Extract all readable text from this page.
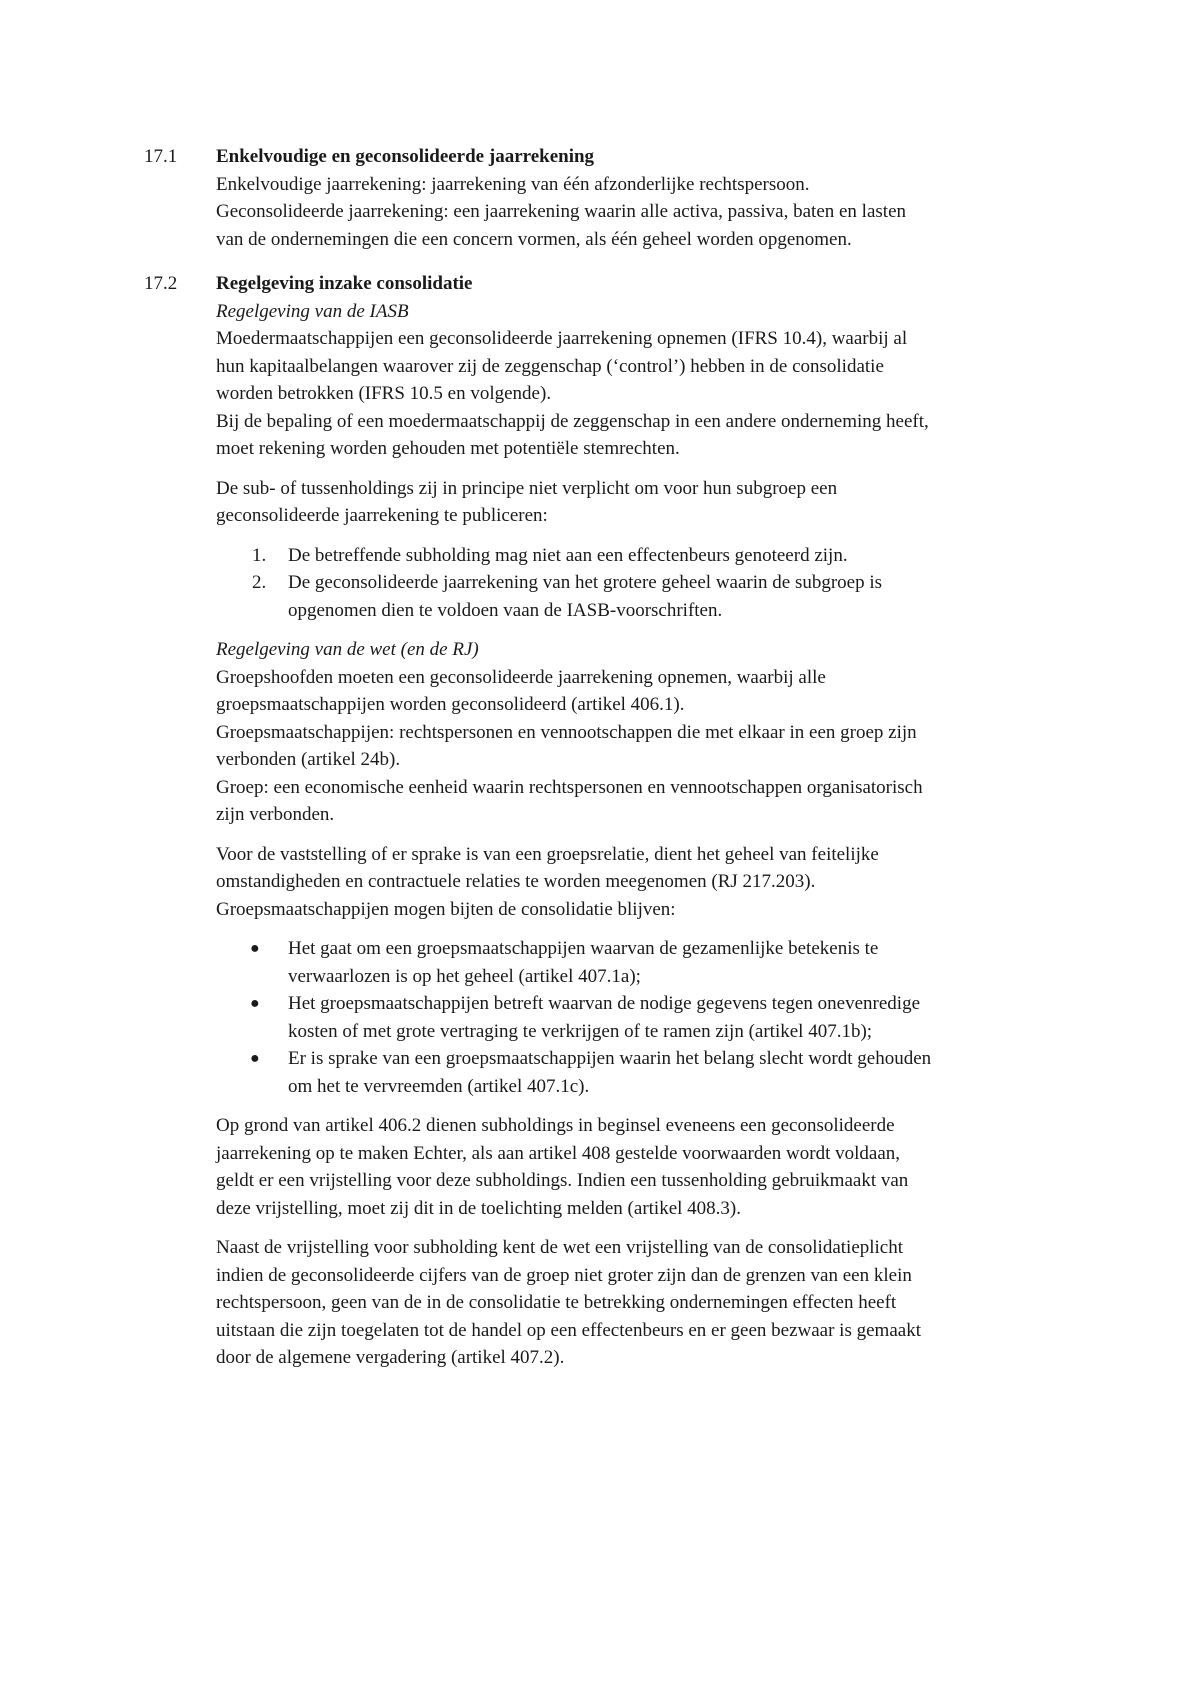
17.1	Enkelvoudige en geconsolideerde jaarrekening
Enkelvoudige jaarrekening: jaarrekening van één afzonderlijke rechtspersoon.
Geconsolideerde jaarrekening: een jaarrekening waarin alle activa, passiva, baten en lasten
van de ondernemingen die een concern vormen, als één geheel worden opgenomen.
17.2	Regelgeving inzake consolidatie
Regelgeving van de IASB
Moedermaatschappijen een geconsolideerde jaarrekening opnemen (IFRS 10.4), waarbij al
hun kapitaalbelangen waarover zij de zeggenschap (‘control’) hebben in de consolidatie
worden betrokken (IFRS 10.5 en volgende).
Bij de bepaling of een moedermaatschappij de zeggenschap in een andere onderneming heeft,
moet rekening worden gehouden met potentiële stemrechten.
De sub- of tussenholdings zij in principe niet verplicht om voor hun subgroep een
geconsolideerde jaarrekening te publiceren:
1. De betreffende subholding mag niet aan een effectenbeurs genoteerd zijn.
2. De geconsolideerde jaarrekening van het grotere geheel waarin de subgroep is
opgenomen dien te voldoen vaan de IASB-voorschriften.
Regelgeving van de wet (en de RJ)
Groepshoofden moeten een geconsolideerde jaarrekening opnemen, waarbij alle
groepsmaatschappijen worden geconsolideerd (artikel 406.1).
Groepsmaatschappijen: rechtspersonen en vennootschappen die met elkaar in een groep zijn
verbonden (artikel 24b).
Groep: een economische eenheid waarin rechtspersonen en vennootschappen organisatorisch
zijn verbonden.
Voor de vaststelling of er sprake is van een groepsrelatie, dient het geheel van feitelijke
omstandigheden en contractuele relaties te worden meegenomen (RJ 217.203).
Groepsmaatschappijen mogen bijten de consolidatie blijven:
● Het gaat om een groepsmaatschappijen waarvan de gezamenlijke betekenis te
verwaarlozen is op het geheel (artikel 407.1a);
● Het groepsmaatschappijen betreft waarvan de nodige gegevens tegen onevenredige
kosten of met grote vertraging te verkrijgen of te ramen zijn (artikel 407.1b);
● Er is sprake van een groepsmaatschappijen waarin het belang slecht wordt gehouden
om het te vervreemden (artikel 407.1c).
Op grond van artikel 406.2 dienen subholdings in beginsel eveneens een geconsolideerde
jaarrekening op te maken Echter, als aan artikel 408 gestelde voorwaarden wordt voldaan,
geldt er een vrijstelling voor deze subholdings. Indien een tussenholding gebruikmaakt van
deze vrijstelling, moet zij dit in de toelichting melden (artikel 408.3).
Naast de vrijstelling voor subholding kent de wet een vrijstelling van de consolidatieplicht
indien de geconsolideerde cijfers van de groep niet groter zijn dan de grenzen van een klein
rechtspersoon, geen van de in de consolidatie te betrekking ondernemingen effecten heeft
uitstaan die zijn toegelaten tot de handel op een effectenbeurs en er geen bezwaar is gemaakt
door de algemene vergadering (artikel 407.2).
